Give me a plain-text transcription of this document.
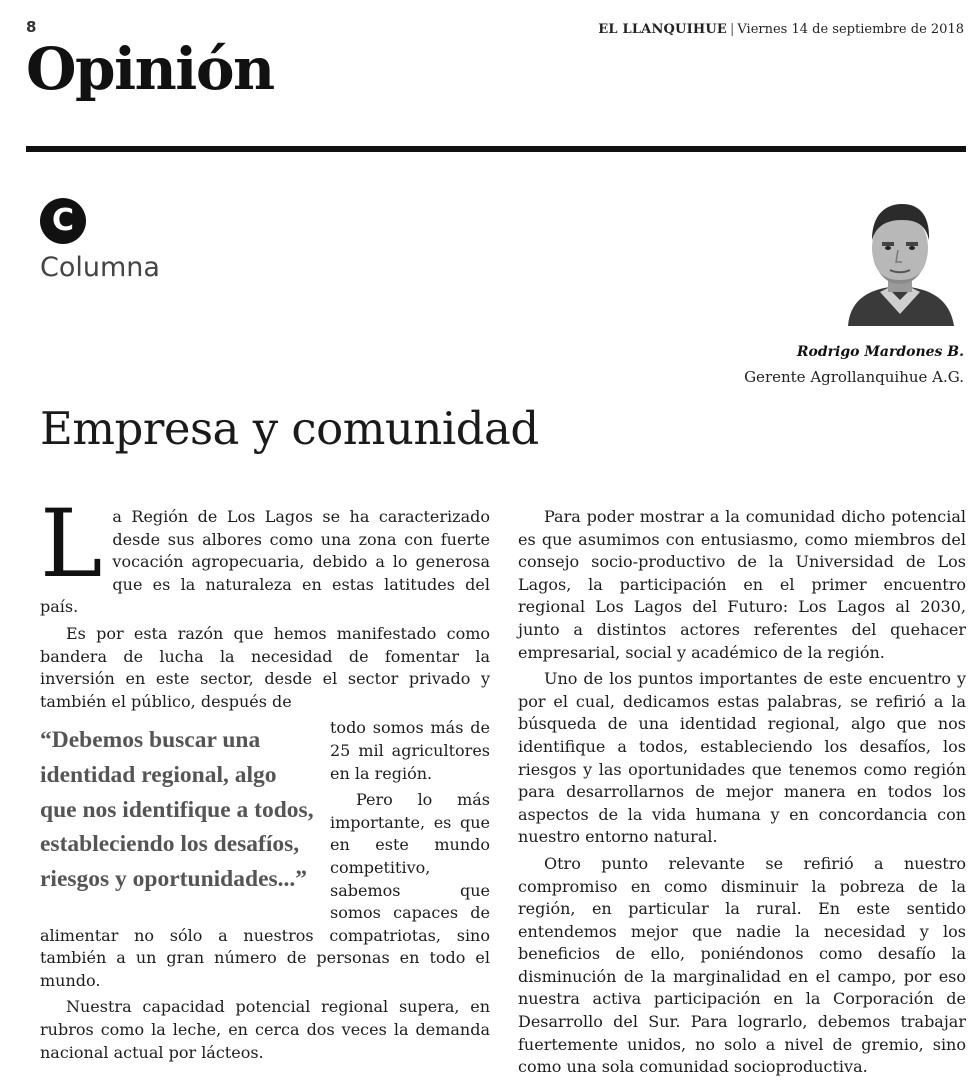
8	EL LLANQUIHUE | Viernes 14 de septiembre de 2018
Opinión
C
Columna
Rodrigo Mardones B.
Gerente Agrollanquihue A.G.
Empresa y comunidad

La Región de Los Lagos se ha caracterizado desde sus albores como una zona con fuerte vocación agropecuaria, debido a lo generosa que es la naturaleza en estas latitudes del país.

Es por esta razón que hemos manifestado como bandera de lucha la necesidad de fomentar la inversión en este sector, desde el sector privado y también el público, después de

“Debemos buscar una identidad regional, algo que nos identifique a todos, estableciendo los desafíos, riesgos y oportunidades...”

todo somos más de 25 mil agricultores en la región.

Pero lo más importante, es que en este mundo competitivo, sabemos que somos capaces de alimentar no sólo a nuestros compatriotas, sino también a un gran número de personas en todo el mundo.

Nuestra capacidad potencial regional supera, en rubros como la leche, en cerca dos veces la demanda nacional actual por lácteos.

Para poder mostrar a la comunidad dicho potencial es que asumimos con entusiasmo, como miembros del consejo socio-productivo de la Universidad de Los Lagos, la participación en el primer encuentro regional Los Lagos del Futuro: Los Lagos al 2030, junto a distintos actores referentes del quehacer empresarial, social y académico de la región.

Uno de los puntos importantes de este encuentro y por el cual, dedicamos estas palabras, se refirió a la búsqueda de una identidad regional, algo que nos identifique a todos, estableciendo los desafíos, los riesgos y las oportunidades que tenemos como región para desarrollarnos de mejor manera en todos los aspectos de la vida humana y en concordancia con nuestro entorno natural.

Otro punto relevante se refirió a nuestro compromiso en como disminuir la pobreza de la región, en particular la rural. En este sentido entendemos mejor que nadie la necesidad y los beneficios de ello, poniéndonos como desafío la disminución de la marginalidad en el campo, por eso nuestra activa participación en la Corporación de Desarrollo del Sur. Para lograrlo, debemos trabajar fuertemente unidos, no solo a nivel de gremio, sino como una sola comunidad socioproductiva.
